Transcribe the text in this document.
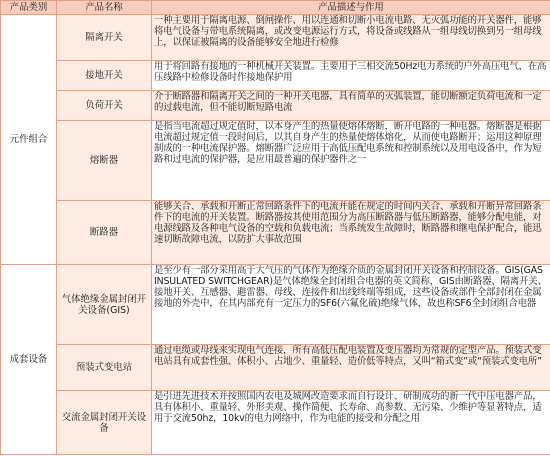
产品类别	产品名称	产品描述与作用
元件组合	隔离开关	一种主要用于隔离电源、倒闸操作、用以连通和切断小电流电路、无灭弧功能的开关器件，能够将电气设备与带电系统隔离，或改变电源运行方式，将设备或线路从一组母线切换到另一组母线上，以保证被隔离的设备能够安全地进行检修
	接地开关	用于将回路有接地的一种机械开关装置。主要用于三相交流50Hz电力系统的户外高压电气，在高压线路中检修设备时作接地保护用
	负荷开关	介于断路器和隔离开关之间的一种开关电器，具有简单的灭弧装置，能切断额定负荷电流和一定的过载电流，但不能切断短路电流
	熔断器	是指当电流超过规定值时，以本身产生的热量使熔体熔断，断开电路的一种电器。熔断器是根据电流超过规定值一段时间后，以其自身产生的热量使熔体熔化，从而使电路断开；运用这种原理制成的一种电流保护器。熔断器广泛应用于高低压配电系统和控制系统以及用电设备中，作为短路和过电流的保护器，是应用最普遍的保护器件之一
	断路器	能够关合、承载和开断正常回路条件下的电流并能在规定的时间内关合、承载和开断异常回路条件下的电流的开关装置。断路器按其使用范围分为高压断路器与低压断路器，能够分配电能，对电源线路及各种电气设备的空载和负载电流；当系统发生故障时，断路器和继电保护配合，能迅速切断故障电流，以防扩大事故范围
成套设备	气体绝缘金属封闭开关设备(GIS)	是至少有一部分采用高于大气压的气体作为绝缘介质的金属封闭开关设备和控制设备。GIS(GAS INSULATED SWITCHGEAR)是气体绝缘全封闭组合电器的英文简称，GIS由断路器、隔离开关、接地开关、互感器、避雷器、母线、连接件和出线终端等组成，这些设备或部件全部封闭在金属接地的外壳中，在其内部充有一定压力的SF6(六氟化硫)绝缘气体，故也称SF6全封闭组合电器
	预装式变电站	通过电缆或母线来实现电气连接，所有高低压配电装置及变压器均为常规的定型产品。预装式变电站具有成套性强、体积小、占地少、重量轻、造价低等特点，又叫“箱式变”或“预装式变电所”
	交流金属封闭开关设备	是引进先进技术并按照国内农电及城网改造要求而自行设计、研制成功的新一代中压电器产品，具有体积小、重量轻、外形美观、操作简便、长寿命、高参数、无污染、少维护等显著特点，适用于交流50hz，10kv的电力网络中，作为电能的接受和分配之用
